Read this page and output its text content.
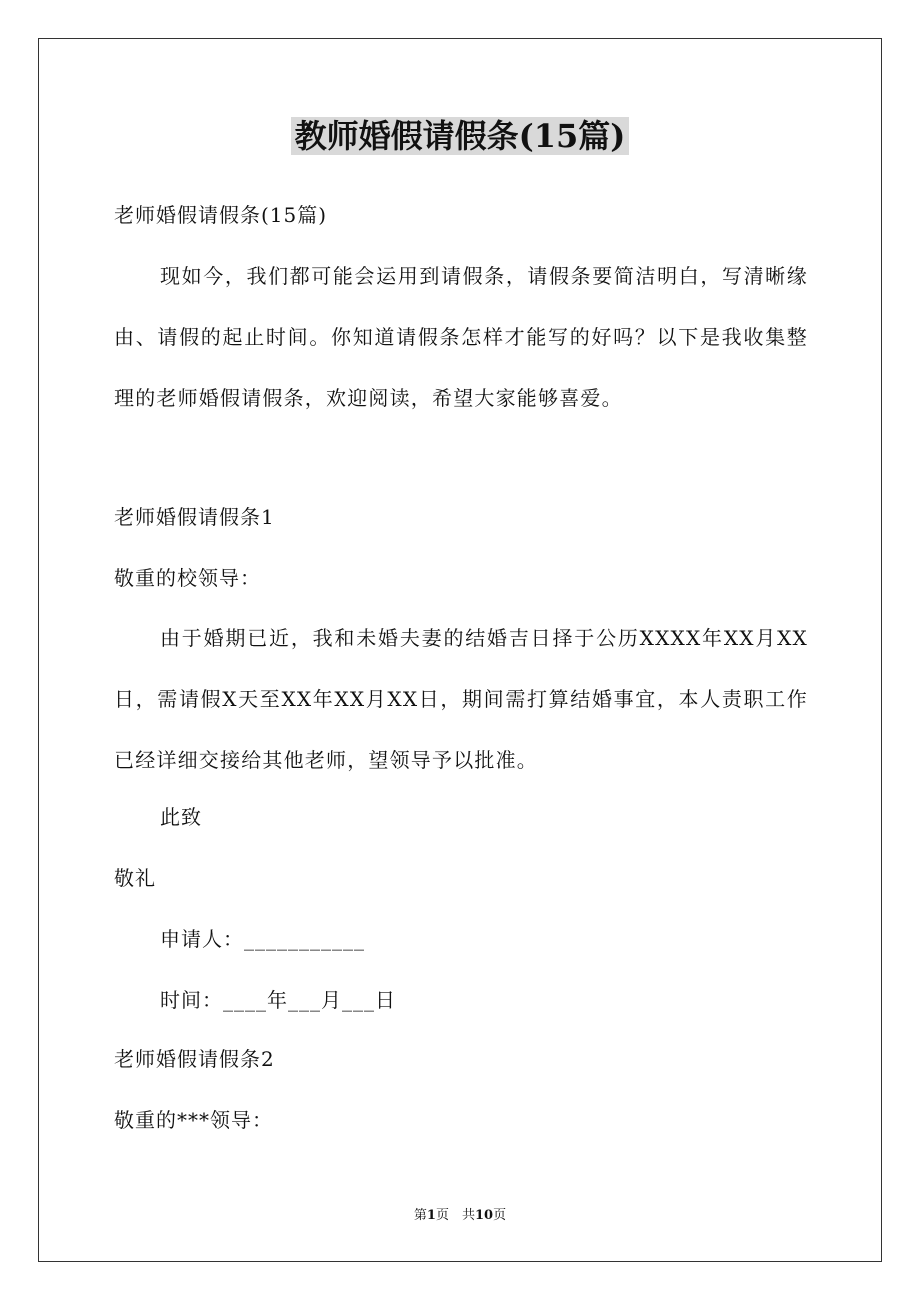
教师婚假请假条(15篇)
老师婚假请假条(15篇)
现如今，我们都可能会运用到请假条，请假条要简洁明白，写清晰缘由、请假的起止时间。你知道请假条怎样才能写的好吗？以下是我收集整理的老师婚假请假条，欢迎阅读，希望大家能够喜爱。
老师婚假请假条1
敬重的校领导：
由于婚期已近，我和未婚夫妻的结婚吉日择于公历XXXX年XX月XX日，需请假X天至XX年XX月XX日，期间需打算结婚事宜，本人责职工作已经详细交接给其他老师，望领导予以批准。
此致
敬礼
申请人：___________
时间：____年___月___日
老师婚假请假条2
敬重的***领导：
第1页　共10页
